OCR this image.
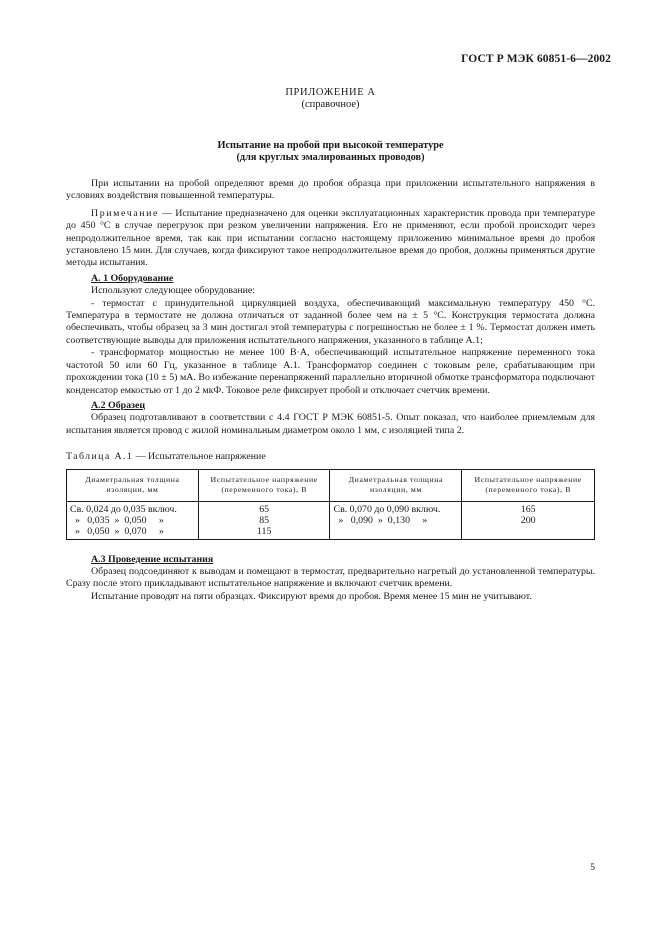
ГОСТ Р МЭК 60851-6—2002
ПРИЛОЖЕНИЕ А
(справочное)
Испытание на пробой при высокой температуре
(для круглых эмалированных проводов)

При испытании на пробой определяют время до пробоя образца при приложении испытательного напряжения в условиях воздействия повышенной температуры.

Примечание — Испытание предназначено для оценки эксплуатационных характеристик провода при температуре до 450 °С в случае перегрузок при резком увеличении напряжения. Его не применяют, если пробой происходит через непродолжительное время, так как при испытании согласно настоящему приложению минимальное время до пробоя установлено 15 мин. Для случаев, когда фиксируют такое непродолжительное время до пробоя, должны применяться другие методы испытания.

А. 1 Оборудование

Используют следующее оборудование:

- термостат с принудительной циркуляцией воздуха, обеспечивающий максимальную температуру 450 °С. Температура в термостате не должна отличаться от заданной более чем на ± 5 °С. Конструкция термостата должна обеспечивать, чтобы образец за 3 мин достигал этой температуры с погрешностью не более ± 1 %. Термостат должен иметь соответствующие выводы для приложения испытательного напряжения, указанного в таблице А.1;

- трансформатор мощностью не менее 100 В·А, обеспечивающий испытательное напряжение переменного тока частотой 50 или 60 Гц, указанное в таблице А.1. Трансформатор соединен с токовым реле, срабатывающим при прохождении тока (10 ± 5) мА. Во избежание перенапряжений параллельно вторичной обмотке трансформатора подключают конденсатор емкостью от 1 до 2 мкФ. Токовое реле фиксирует пробой и отключает счетчик времени.

А.2 Образец

Образец подготавливают в соответствии с 4.4 ГОСТ Р МЭК 60851-5. Опыт показал, что наиболее приемлемым для испытания является провод с жилой номинальным диаметром около 1 мм, с изоляцией типа 2.

Таблица А.1 — Испытательное напряжение

Диаметральная толщина изоляции, мм	Испытательное напряжение (переменного тока), В	Диаметральная толщина изоляции, мм	Испытательное напряжение (переменного тока), В

Св. 0,024 до 0,035 включ.
»   0,035  »  0,050     »
»   0,050  »  0,070     »	65
85
115	Св. 0,070 до 0,090 включ.
»   0,090  »  0,130     »	165
200

А.3 Проведение испытания

Образец подсоединяют к выводам и помещают в термостат, предварительно нагретый до установленной температуры. Сразу после этого прикладывают испытательное напряжение и включают счетчик времени.

Испытание проводят на пяти образцах. Фиксируют время до пробоя. Время менее 15 мин не учитывают.

5
